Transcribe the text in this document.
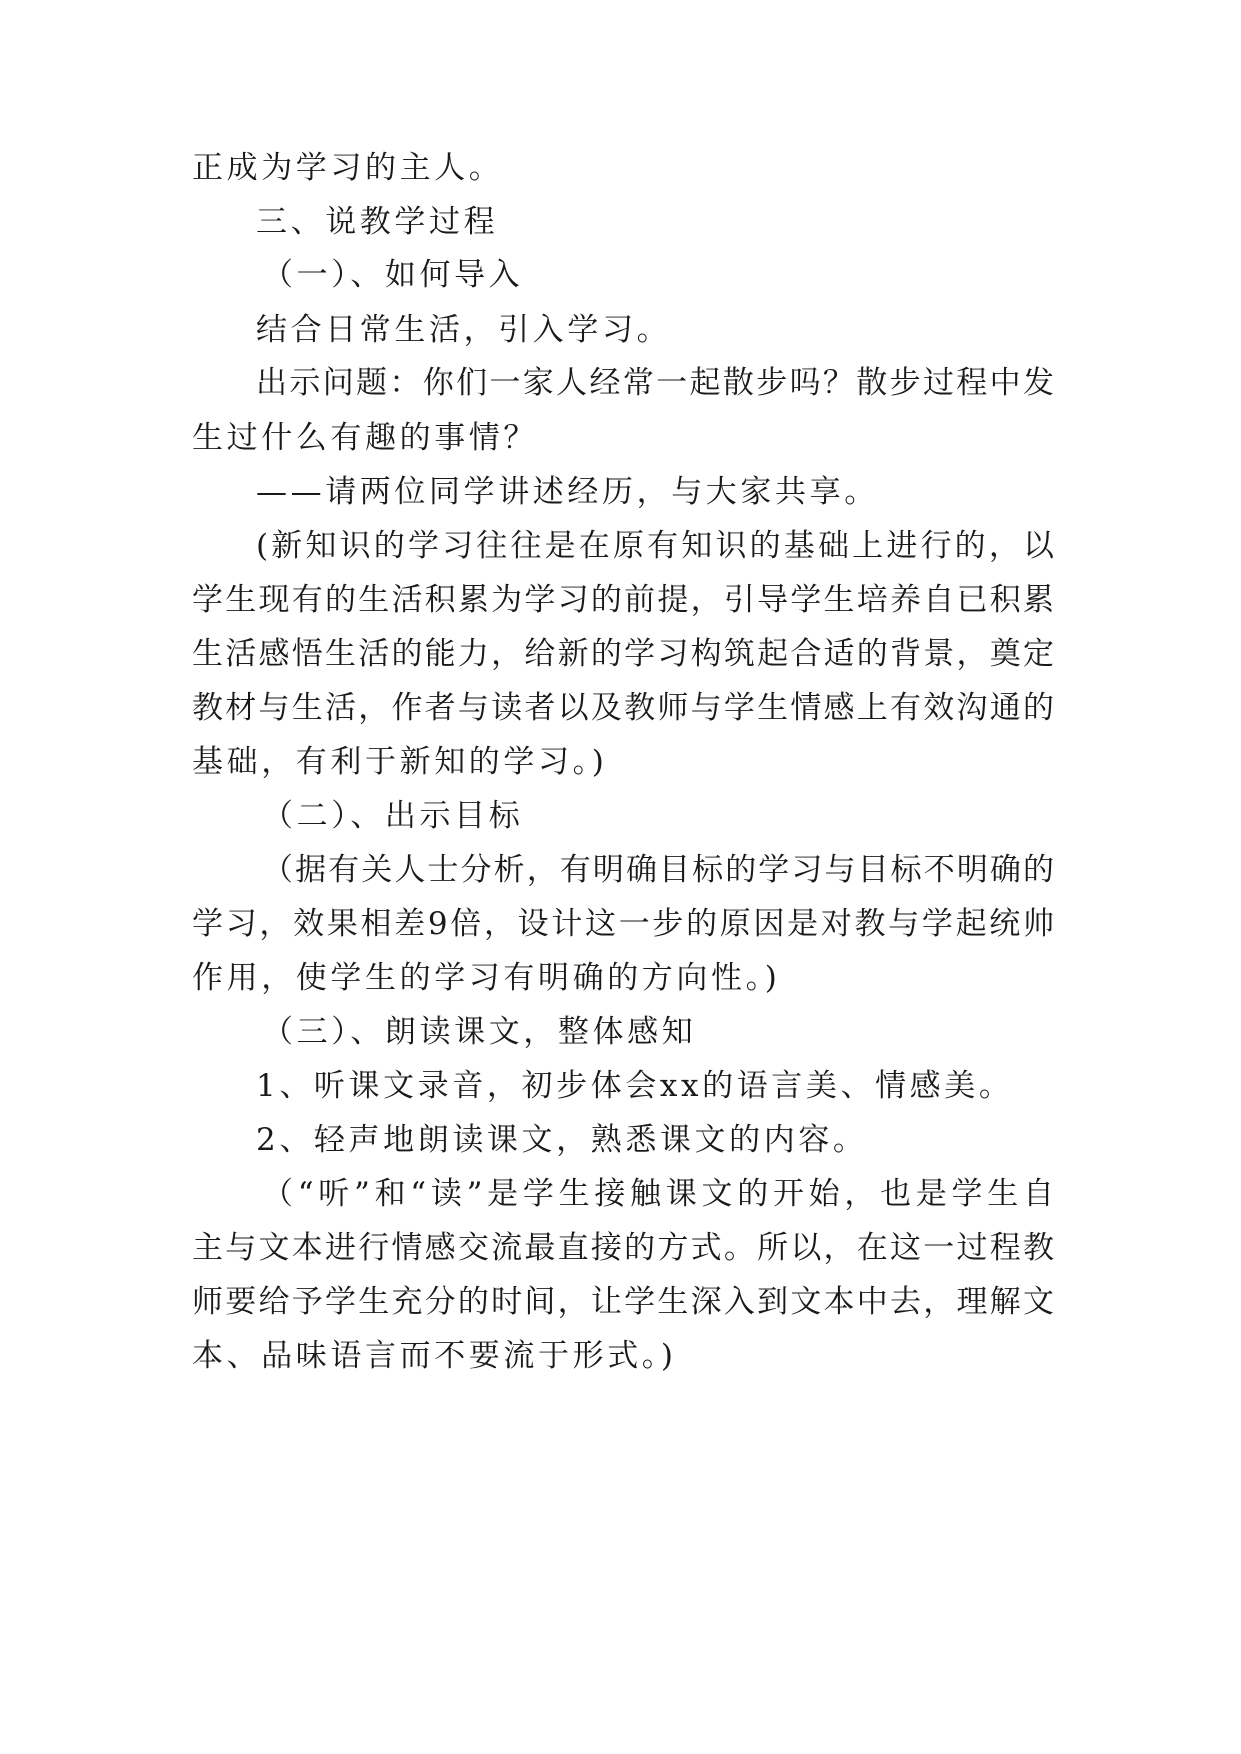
正成为学习的主人。
三、说教学过程
（一）、如何导入
结合日常生活，引入学习。
出示问题：你们一家人经常一起散步吗？散步过程中发
生过什么有趣的事情？
——请两位同学讲述经历，与大家共享。
(新知识的学习往往是在原有知识的基础上进行的，以
学生现有的生活积累为学习的前提，引导学生培养自已积累
生活感悟生活的能力，给新的学习构筑起合适的背景，奠定
教材与生活，作者与读者以及教师与学生情感上有效沟通的
基础，有利于新知的学习。)
（二）、出示目标
（据有关人士分析，有明确目标的学习与目标不明确的
学习，效果相差9倍，设计这一步的原因是对教与学起统帅
作用，使学生的学习有明确的方向性。)
（三）、朗读课文，整体感知
1、听课文录音，初步体会xx的语言美、情感美。
2、轻声地朗读课文，熟悉课文的内容。
（“听”和“读”是学生接触课文的开始，也是学生自
主与文本进行情感交流最直接的方式。所以，在这一过程教
师要给予学生充分的时间，让学生深入到文本中去，理解文
本、品味语言而不要流于形式。)
